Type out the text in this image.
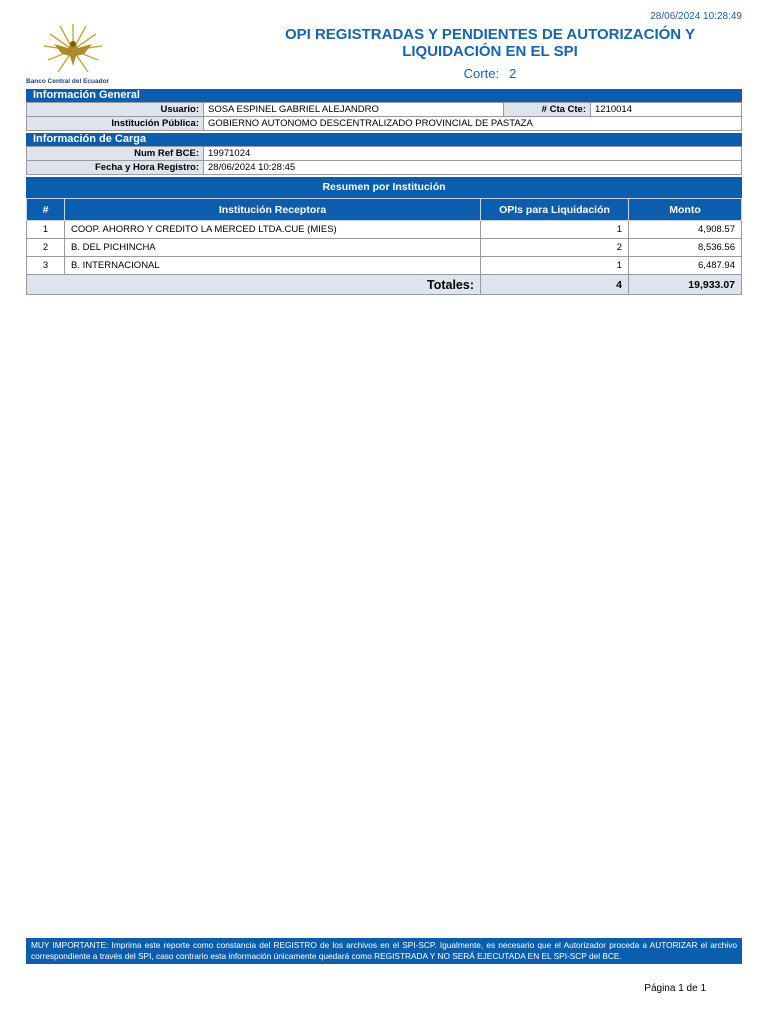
28/06/2024 10:28:49
Banco Central del Ecuador
OPI REGISTRADAS Y PENDIENTES DE AUTORIZACIÓN Y
LIQUIDACIÓN EN EL SPI
Corte: 2
Información General
Usuario:	SOSA ESPINEL GABRIEL ALEJANDRO	# Cta Cte:	1210014
Institución Pública:	GOBIERNO AUTONOMO DESCENTRALIZADO PROVINCIAL DE PASTAZA		
Información de Carga
Num Ref BCE:	19971024
Fecha y Hora Registro:	28/06/2024 10:28:45
Resumen por Institución
#	Institución Receptora	OPIs para Liquidación	Monto
1	COOP. AHORRO Y CREDITO LA MERCED LTDA.CUE (MIES)	1	4,908.57
2	B. DEL PICHINCHA	2	8,536.56
3	B. INTERNACIONAL	1	6,487.94
Totales:		4	19,933.07
MUY IMPORTANTE: Imprima este reporte como constancia del REGISTRO de los archivos en el SPI-SCP. Igualmente, es necesario que el Autorizador proceda a AUTORIZAR el archivo correspondiente a través del SPI, caso contrario esta información únicamente quedará como REGISTRADA Y NO SERÁ EJECUTADA EN EL SPI-SCP del BCE.
Página 1 de 1
